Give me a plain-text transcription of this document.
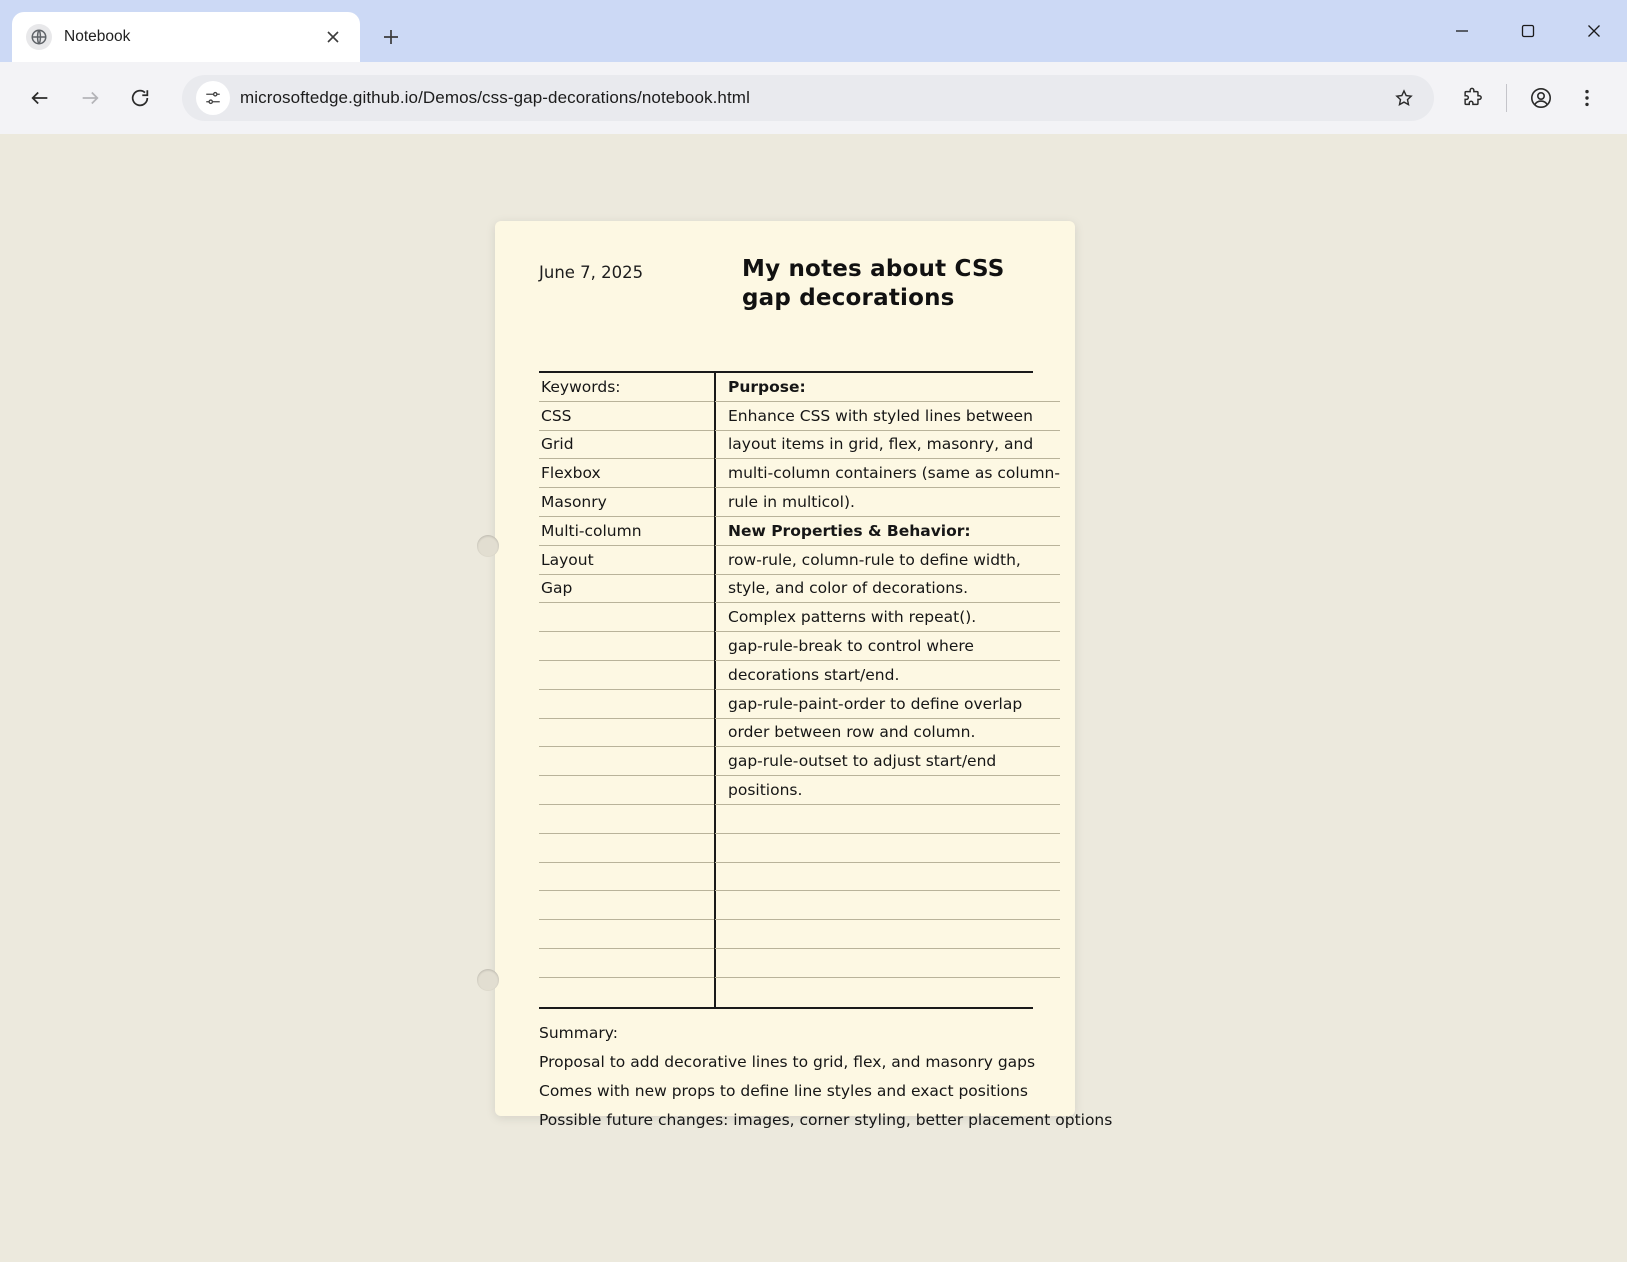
Notebook
microsoftedge.github.io/Demos/css-gap-decorations/notebook.html
June 7, 2025	My notes about CSS gap decorations
Keywords:
CSS
Grid
Flexbox
Masonry
Multi-column
Layout
Gap
Purpose:
Enhance CSS with styled lines between
layout items in grid, flex, masonry, and
multi-column containers (same as column-
rule in multicol).
New Properties & Behavior:
row-rule, column-rule to define width,
style, and color of decorations.
Complex patterns with repeat().
gap-rule-break to control where
decorations start/end.
gap-rule-paint-order to define overlap
order between row and column.
gap-rule-outset to adjust start/end
positions.
Summary:
Proposal to add decorative lines to grid, flex, and masonry gaps
Comes with new props to define line styles and exact positions
Possible future changes: images, corner styling, better placement options
